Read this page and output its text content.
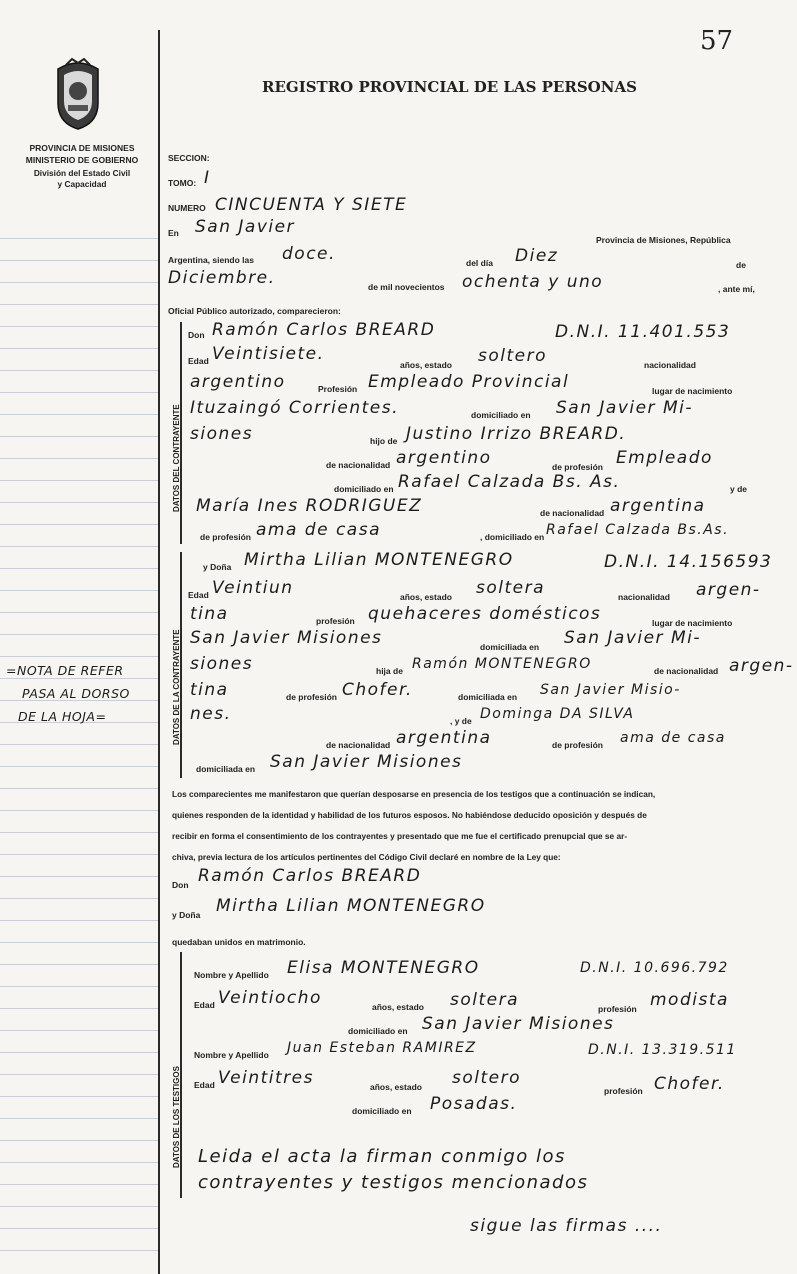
57
PROVINCIA DE MISIONES
MINISTERIO DE GOBIERNO
División del Estado Civil
y Capacidad
REGISTRO PROVINCIAL DE LAS PERSONAS
SECCION:
TOMO: I
NUMERO CINCUENTA Y SIETE
En San Javier
Provincia de Misiones, República
Argentina, siendo las doce.	del día Diez	de
Diciembre.	de mil novecientos ochenta y uno	, ante mí,
Oficial Público autorizado, comparecieron:
DATOS DEL CONTRAYENTE
Don Ramón Carlos BREARD	D.N.I. 11.401.553
Edad Veintisiete.
años, estado soltero	nacionalidad
argentino	Profesión Empleado Provincial	lugar de nacimiento
Ituzaingó Corrientes.	domiciliado en San Javier Mi-
siones	hijo de Justino Irrizo BREARD.
de nacionalidad argentino	de profesión Empleado
domiciliado en Rafael Calzada Bs. As.	y de
María Ines RODRIGUEZ	de nacionalidad argentina
de profesión ama de casa	, domiciliado en Rafael Calzada Bs.As.
DATOS DE LA CONTRAYENTE
y Doña Mirtha Lilian MONTENEGRO	D.N.I. 14.156593
Edad Veintiun	años, estado soltera	nacionalidad argen-
tina	profesión quehaceres domésticos	lugar de nacimiento
San Javier Misiones	domiciliada en San Javier Mi-
siones	hija de Ramón MONTENEGRO	de nacionalidad argen-
tina	de profesión Chofer.	domiciliada en San Javier Misio-
nes.	, y de Dominga DA SILVA
de nacionalidad argentina	de profesión ama de casa
domiciliada en San Javier Misiones
=NOTA DE REFER
PASA AL DORSO
DE LA HOJA=
Los comparecientes me manifestaron que querían desposarse en presencia de los testigos que a continuación se indican,
quienes responden de la identidad y habilidad de los futuros esposos. No habiéndose deducido oposición y después de
recibir en forma el consentimiento de los contrayentes y presentado que me fue el certificado prenupcial que se ar-
chiva, previa lectura de los artículos pertinentes del Código Civil declaré en nombre de la Ley que:
Don Ramón Carlos BREARD
y Doña Mirtha Lilian MONTENEGRO
quedaban unidos en matrimonio.
DATOS DE LOS TESTIGOS
Nombre y Apellido Elisa MONTENEGRO	D.N.I. 10.696.792
Edad Veintiocho	años, estado soltera	profesión modista
domiciliado en San Javier Misiones
Nombre y Apellido Juan Esteban RAMIREZ	D.N.I. 13.319.511
Edad Veintitres	años, estado soltero
profesión Chofer.
domiciliado en Posadas.
Leida el acta la firman conmigo los
contrayentes y testigos mencionados
sigue las firmas ....
